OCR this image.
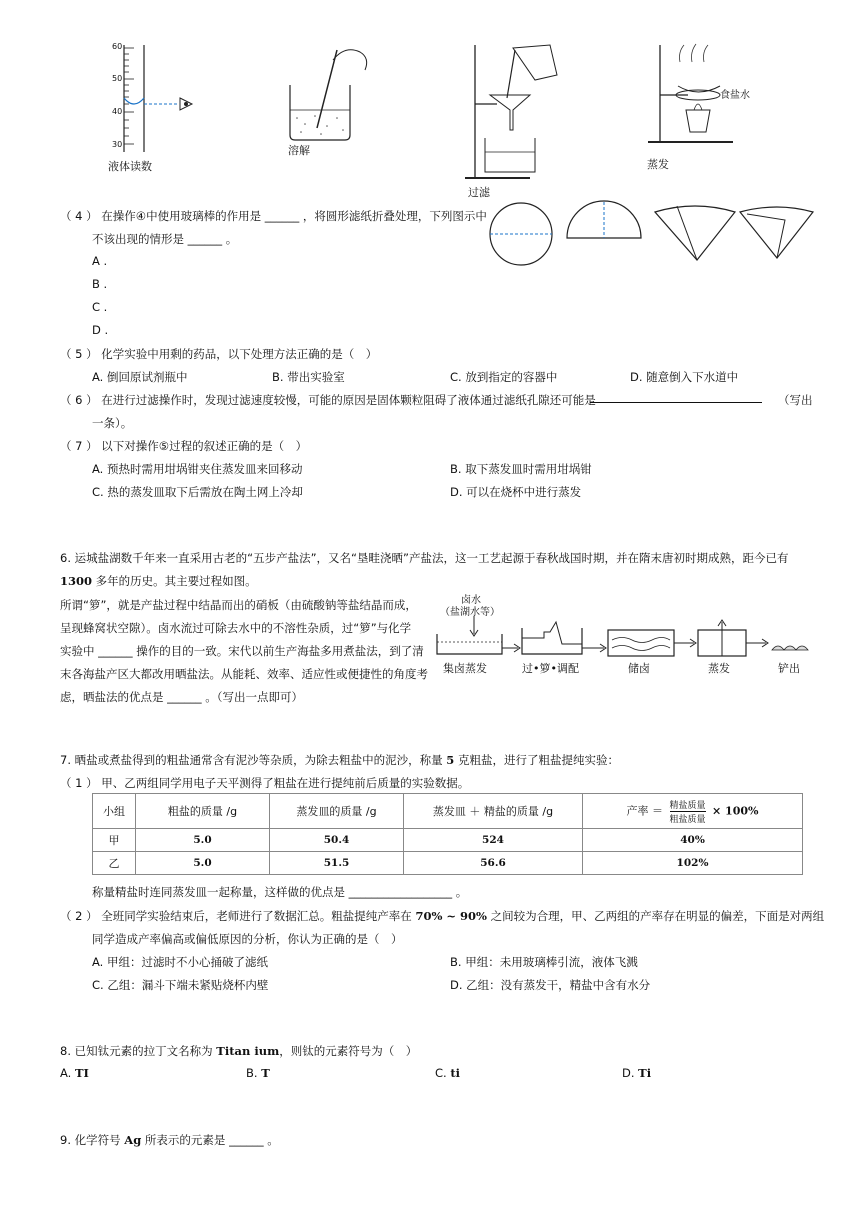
60
50
40
30
液体读数
溶解
过滤
食盐水
蒸发
（ 4 ） 在操作④中使用玻璃棒的作用是 ______ ，将圆形滤纸折叠处理，下列图示中
不该出现的情形是 ______ 。
A .
B .
C .
D .
（ 5 ） 化学实验中用剩的药品，以下处理方法正确的是（　）
A. 倒回原试剂瓶中	B. 带出实验室	C. 放到指定的容器中	D. 随意倒入下水道中
（ 6 ） 在进行过滤操作时，发现过滤速度较慢，可能的原因是固体颗粒阻碍了液体通过滤纸孔隙还可能是	（写出
一条）。
（ 7 ） 以下对操作⑤过程的叙述正确的是（　）
A. 预热时需用坩埚钳夹住蒸发皿来回移动	B. 取下蒸发皿时需用坩埚钳
C. 热的蒸发皿取下后需放在陶土网上冷却	D. 可以在烧杯中进行蒸发
6. 运城盐湖数千年来一直采用古老的“五步产盐法”，又名“垦畦浇晒”产盐法，这一工艺起源于春秋战国时期，并在隋末唐初时期成熟，距今已有
1300 多年的历史。其主要过程如图。
所谓“箩”，就是产盐过程中结晶而出的硝板（由硫酸钠等盐结晶而成，
呈现蜂窝状空隙）。卤水流过可除去水中的不溶性杂质，过“箩”与化学
实验中 ______ 操作的目的一致。宋代以前生产海盐多用煮盐法，到了清
末各海盐产区大都改用晒盐法。从能耗、效率、适应性或便捷性的角度考
虑，晒盐法的优点是 ______ 。（写出一点即可）
卤水
（盐湖水等）
集卤蒸发	过•箩•调配	储卤	蒸发	铲出
7. 晒盐或煮盐得到的粗盐通常含有泥沙等杂质，为除去粗盐中的泥沙，称量 5 克粗盐，进行了粗盐提纯实验：
（ 1 ） 甲、乙两组同学用电子天平测得了粗盐在进行提纯前后质量的实验数据。
小组	粗盐的质量 /g	蒸发皿的质量 /g	蒸发皿 ＋ 精盐的质量 /g	产率 ＝ 精盐质量
粗盐质量
× 100%
甲	5.0	50.4	524	40%
乙	5.0	51.5	56.6	102%
称量精盐时连同蒸发皿一起称量，这样做的优点是 __________________ 。
（ 2 ） 全班同学实验结束后，老师进行了数据汇总。粗盐提纯产率在 70% ~ 90% 之间较为合理，甲、乙两组的产率存在明显的偏差，下面是对两组
同学造成产率偏高或偏低原因的分析，你认为正确的是（　）
A. 甲组：过滤时不小心捅破了滤纸	B. 甲组：未用玻璃棒引流，液体飞溅
C. 乙组：漏斗下端未紧贴烧杯内壁	D. 乙组：没有蒸发干，精盐中含有水分
8. 已知钛元素的拉丁文名称为 Titan ium，则钛的元素符号为（　）
A. TI	B. T	C. ti	D. Ti
9. 化学符号 Ag 所表示的元素是 ______ 。
